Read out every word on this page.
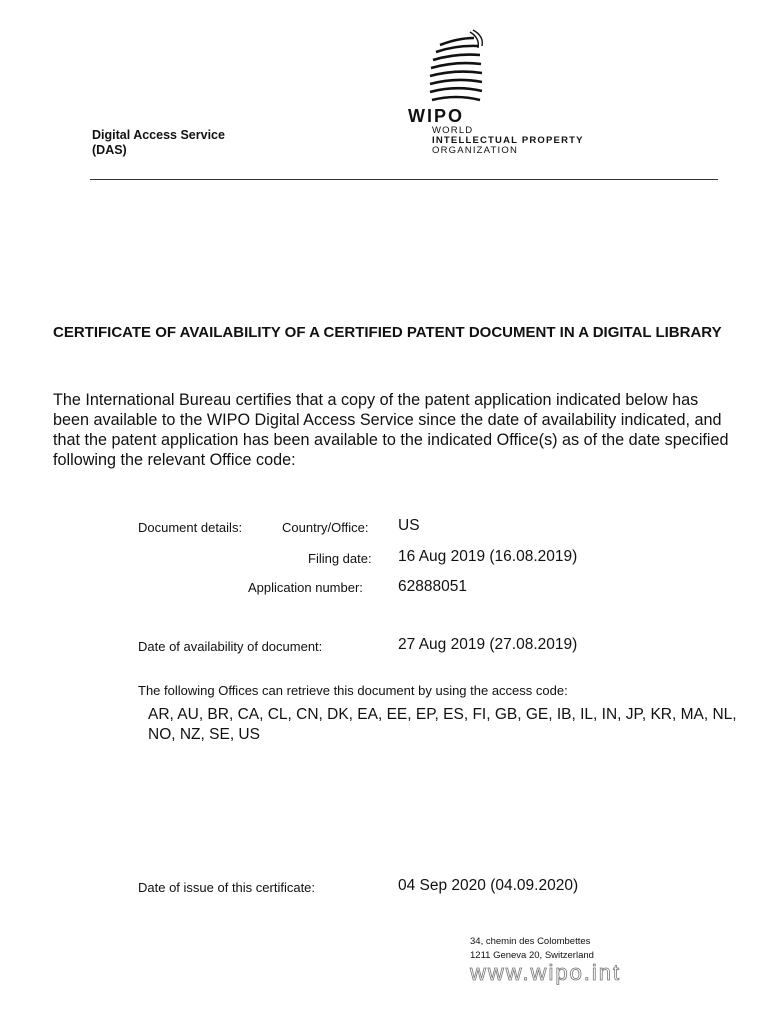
Digital Access Service
(DAS)
WIPO
WORLD
INTELLECTUAL PROPERTY
ORGANIZATION
CERTIFICATE OF AVAILABILITY OF A CERTIFIED PATENT DOCUMENT IN A DIGITAL LIBRARY
The International Bureau certifies that a copy of the patent application indicated below has been available to the WIPO Digital Access Service since the date of availability indicated, and that the patent application has been available to the indicated Office(s) as of the date specified following the relevant Office code:
Document details:	Country/Office: US
Filing date: 16 Aug 2019 (16.08.2019)
Application number: 62888051
Date of availability of document:	27 Aug 2019 (27.08.2019)
The following Offices can retrieve this document by using the access code:
AR, AU, BR, CA, CL, CN, DK, EA, EE, EP, ES, FI, GB, GE, IB, IL, IN, JP, KR, MA, NL, NO, NZ, SE, US
Date of issue of this certificate:	04 Sep 2020 (04.09.2020)
34, chemin des Colombettes
1211 Geneva 20, Switzerland
www.wipo.int
